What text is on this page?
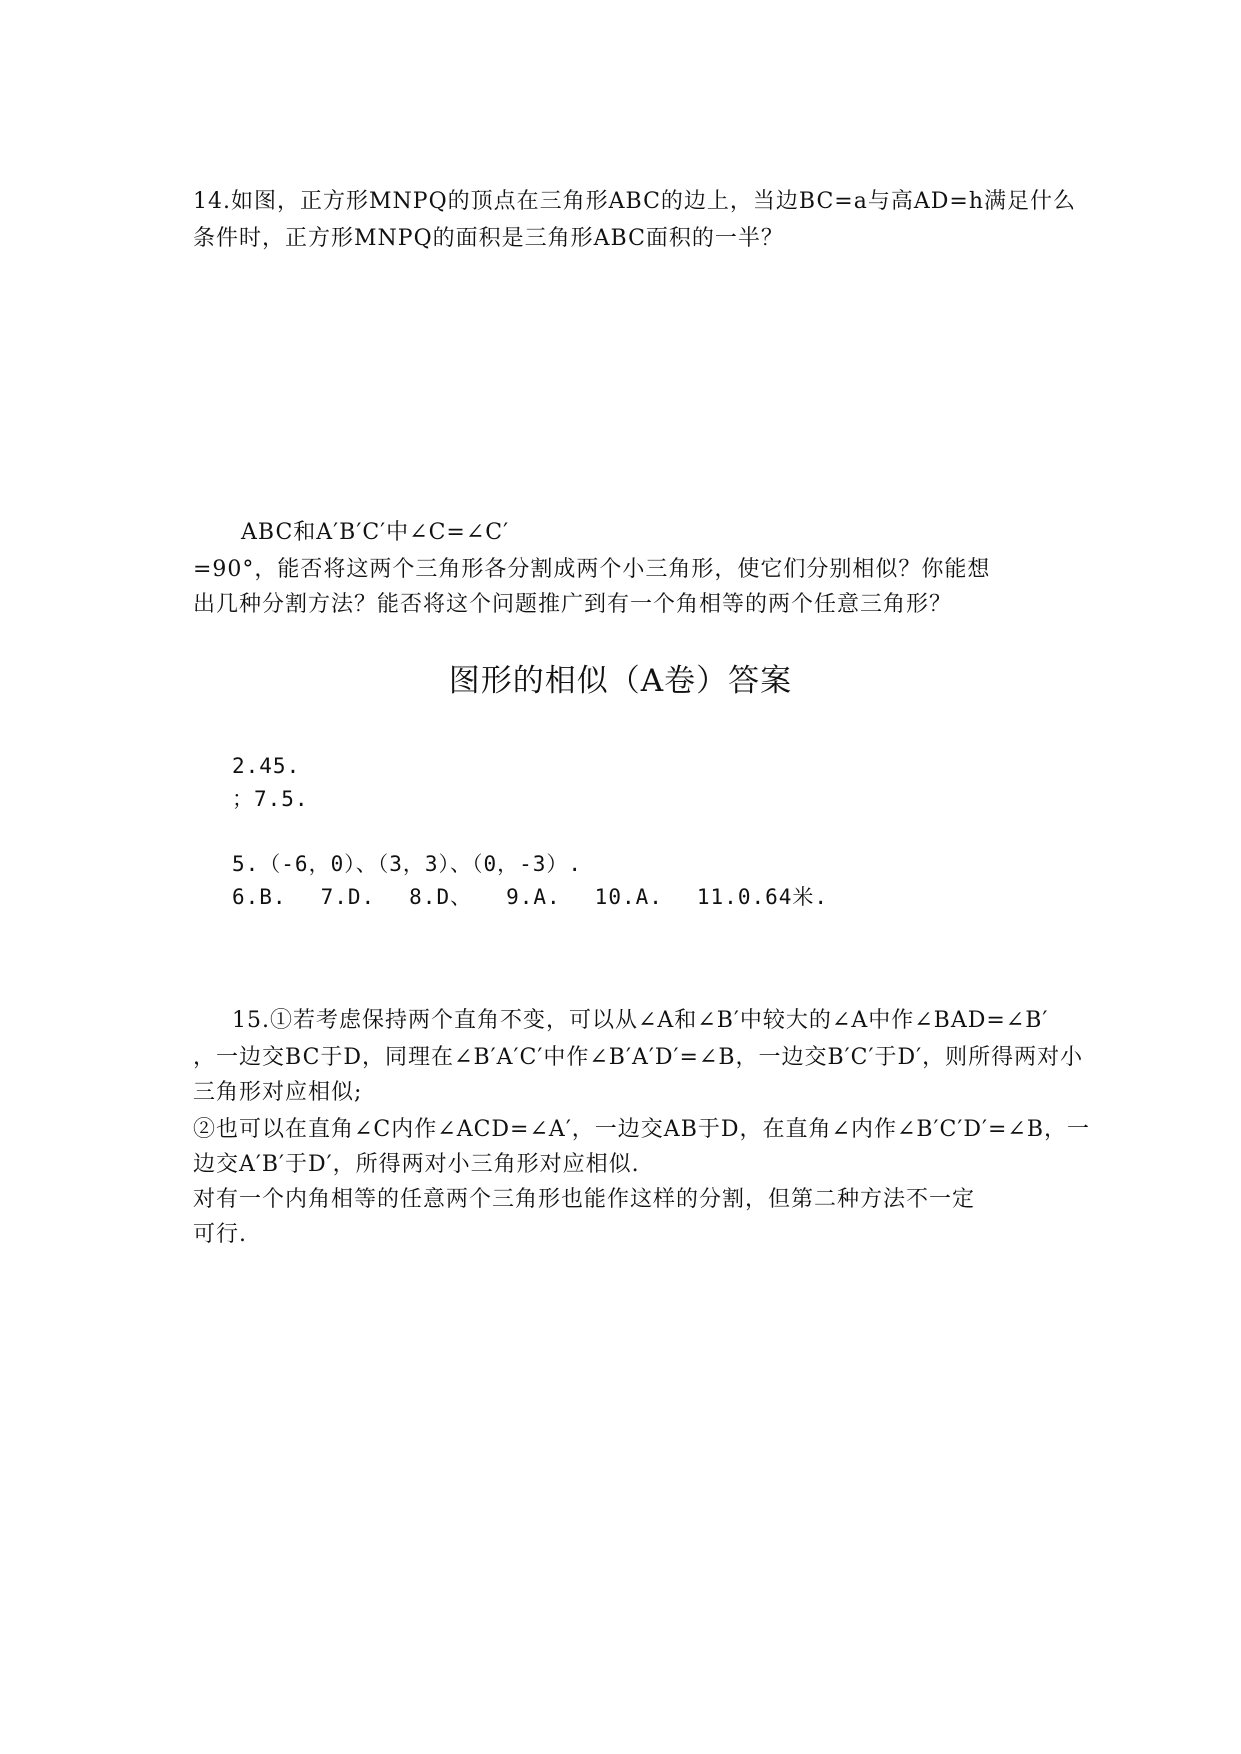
14.如图，正方形MNPQ的顶点在三角形ABC的边上，当边BC=a与高AD=h满足什么
条件时，正方形MNPQ的面积是三角形ABC面积的一半？
ABC和A′B′C′中∠C=∠C′
=90°，能否将这两个三角形各分割成两个小三角形，使它们分别相似？你能想
出几种分割方法？能否将这个问题推广到有一个角相等的两个任意三角形？
图形的相似（A卷）答案
2.45.
；7.5.
5.（-6，0）、（3，3）、（0，-3）.
6.B. 7.D. 8.D、 9.A. 10.A. 11.0.64米.
15.①若考虑保持两个直角不变，可以从∠A和∠B′中较大的∠A中作∠BAD=∠B′
，一边交BC于D，同理在∠B′A′C′中作∠B′A′D′=∠B，一边交B′C′于D′，则所得两对小
三角形对应相似;
②也可以在直角∠C内作∠ACD=∠A′，一边交AB于D，在直角∠内作∠B′C′D′=∠B，一
边交A′B′于D′，所得两对小三角形对应相似.
对有一个内角相等的任意两个三角形也能作这样的分割，但第二种方法不一定
可行.
